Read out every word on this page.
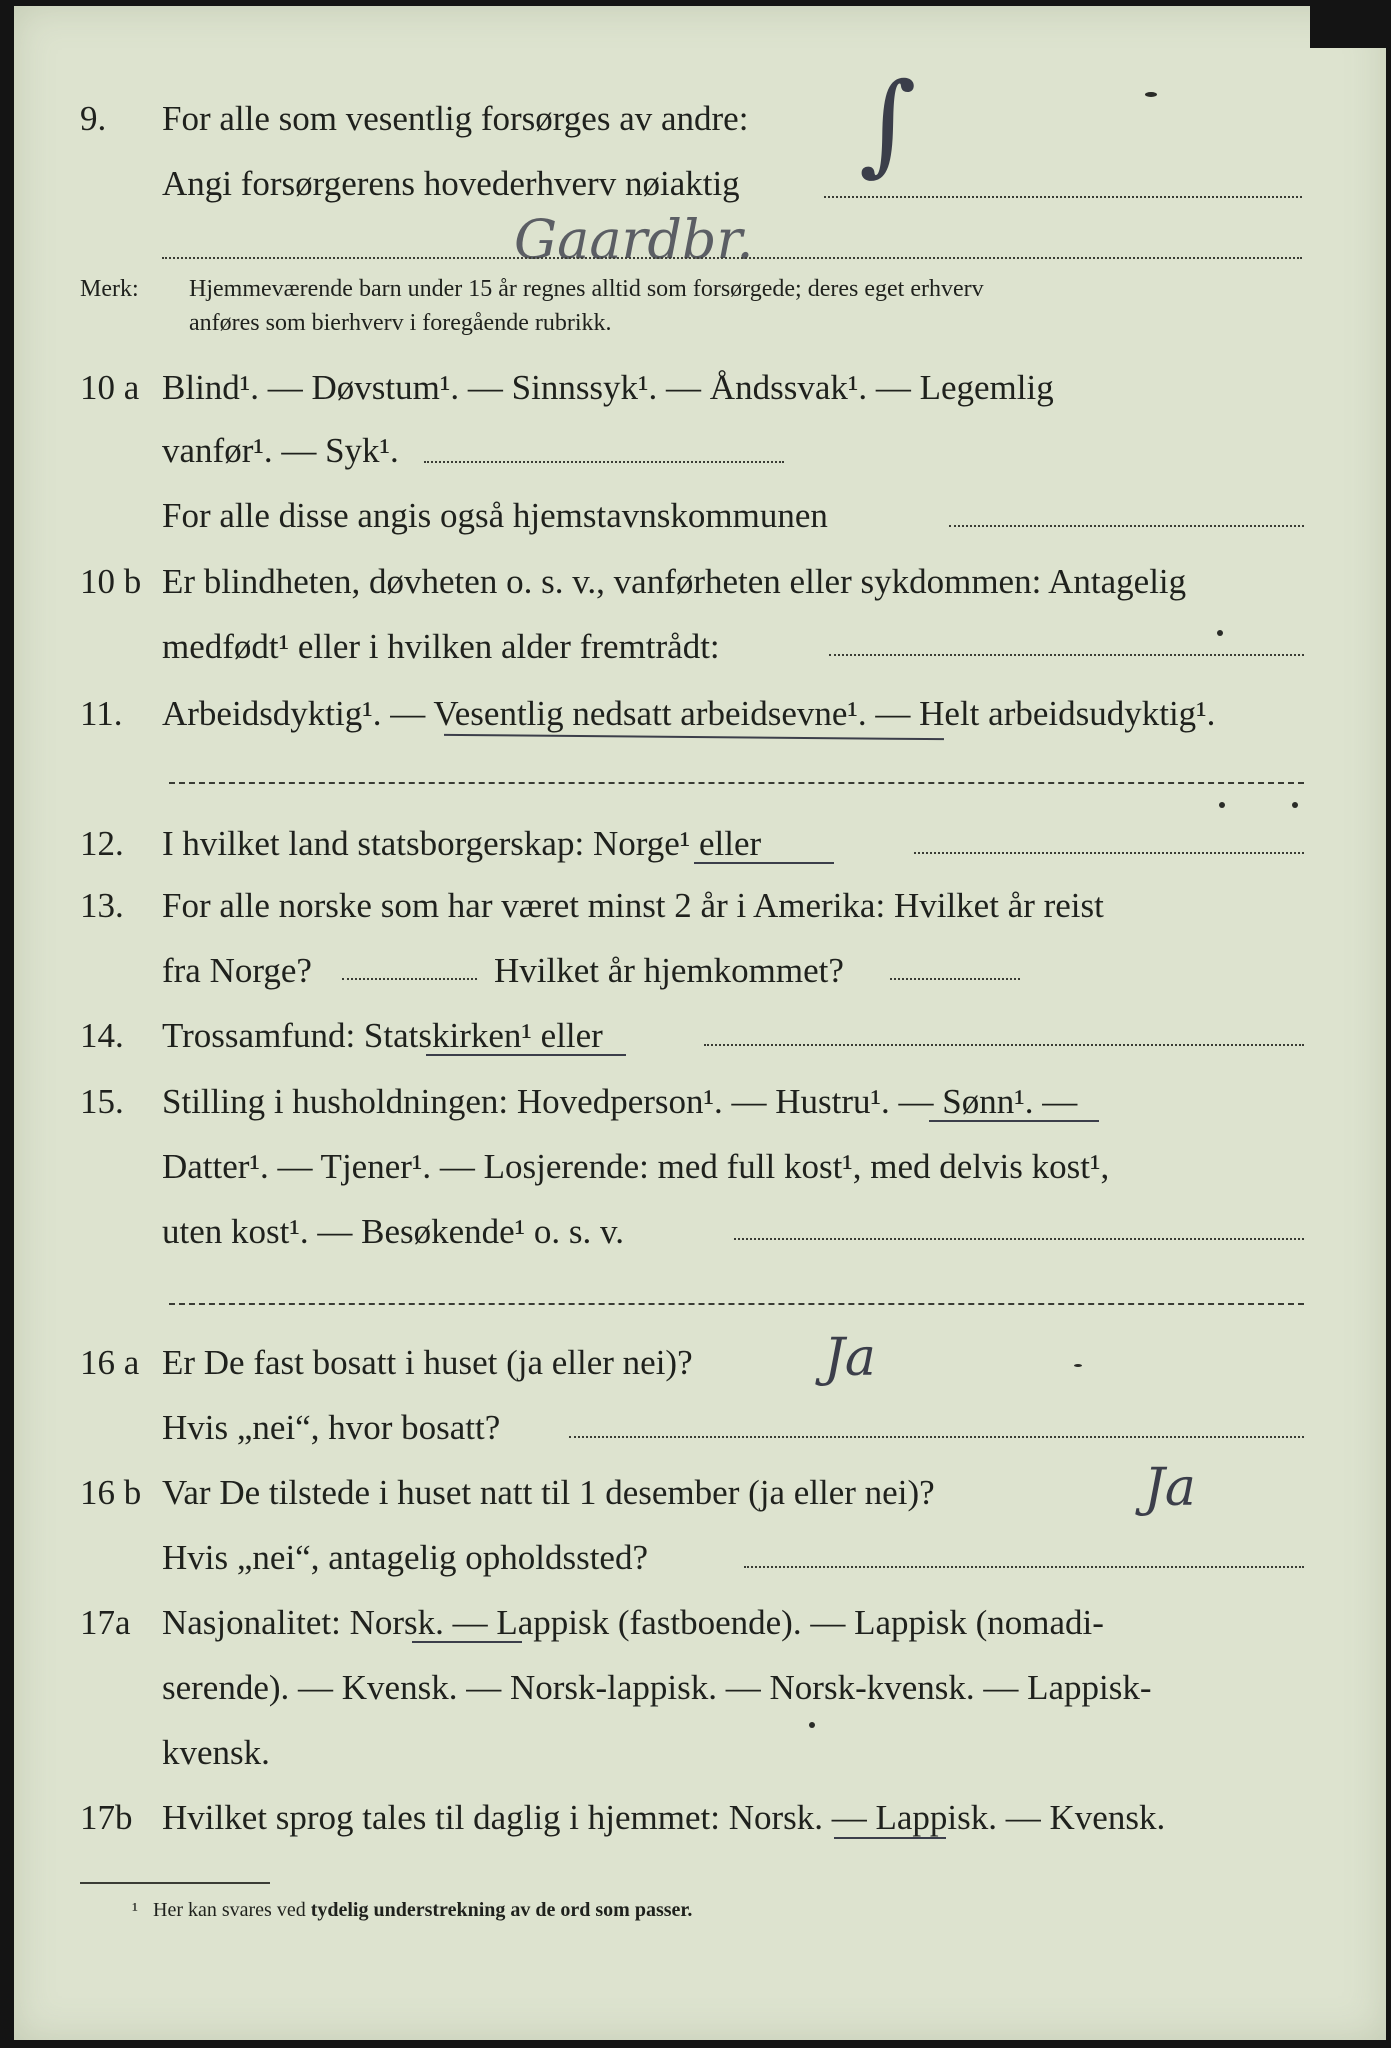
9. For alle som vesentlig forsørges av andre: ∫
Angi forsørgerens hovederhverv nøiaktig
Gaardbr.
Merk: Hjemmeværende barn under 15 år regnes alltid som forsørgede; deres eget erhverv
anføres som bierhverv i foregående rubrikk.
10 a Blind¹. — Døvstum¹. — Sinnssyk¹. — Åndssvak¹. — Legemlig
vanfør¹. — Syk¹.
For alle disse angis også hjemstavnskommunen
10 b Er blindheten, døvheten o. s. v., vanførheten eller sykdommen: Antagelig
medfødt¹ eller i hvilken alder fremtrådt:
11. Arbeidsdyktig¹. — Vesentlig nedsatt arbeidsevne¹. — Helt arbeidsudyktig¹.
12. I hvilket land statsborgerskap: Norge¹ eller
13. For alle norske som har været minst 2 år i Amerika: Hvilket år reist
fra Norge?	Hvilket år hjemkommet?
14. Trossamfund: Statskirken¹ eller
15. Stilling i husholdningen: Hovedperson¹. — Hustru¹. — Sønn¹. —
Datter¹. — Tjener¹. — Losjerende: med full kost¹, med delvis kost¹,
uten kost¹. — Besøkende¹ o. s. v.
16 a Er De fast bosatt i huset (ja eller nei)?	Ja
Hvis „nei“, hvor bosatt?
16 b Var De tilstede i huset natt til 1 desember (ja eller nei)?	Ja
Hvis „nei“, antagelig opholdssted?
17a Nasjonalitet: Norsk. — Lappisk (fastboende). — Lappisk (nomadi-
serende). — Kvensk. — Norsk-lappisk. — Norsk-kvensk. — Lappisk-
kvensk.
17b Hvilket sprog tales til daglig i hjemmet: Norsk. — Lappisk. — Kvensk.
¹ Her kan svares ved tydelig understrekning av de ord som passer.
